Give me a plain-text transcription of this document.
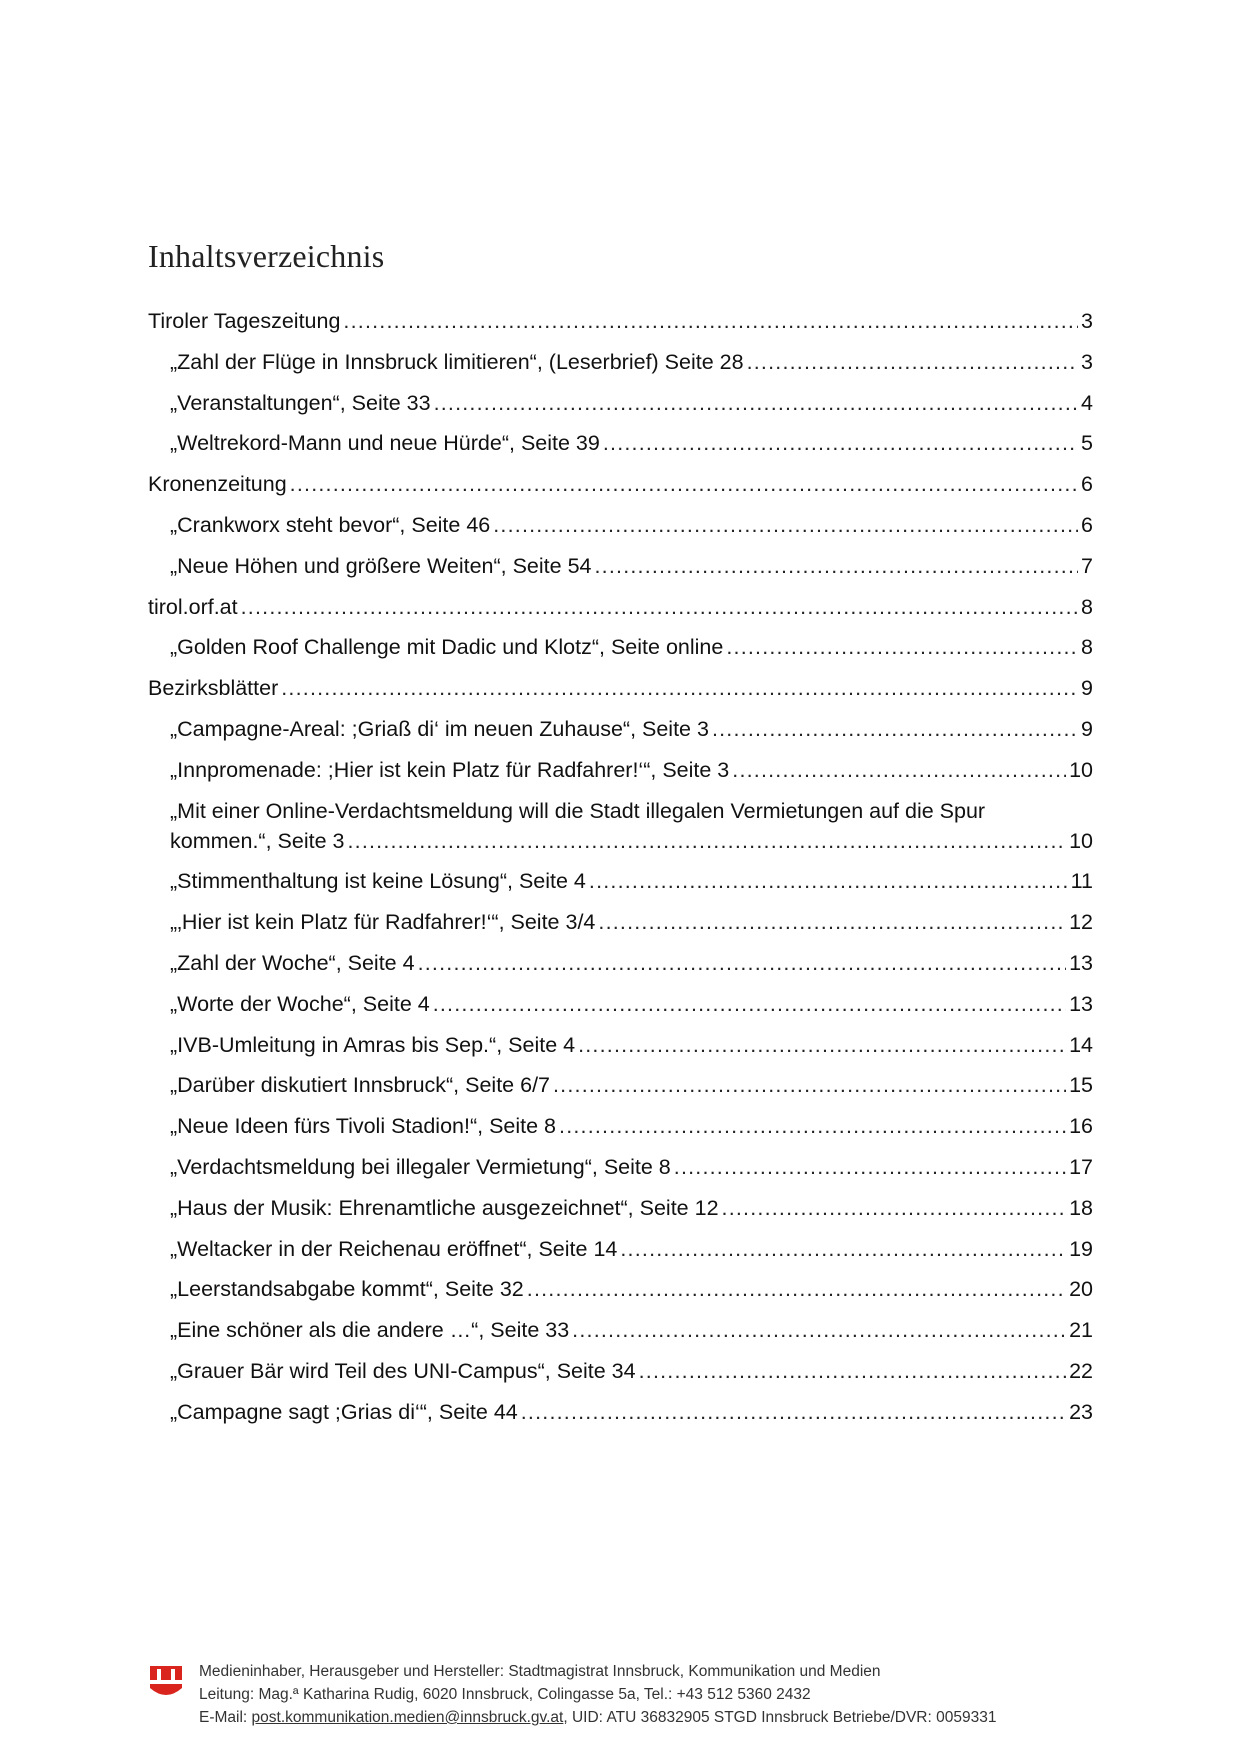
Inhaltsverzeichnis
Tiroler Tageszeitung .....	3
„Zahl der Flüge in Innsbruck limitieren“, (Leserbrief) Seite 28 .....	3
„Veranstaltungen“, Seite 33 .....	4
„Weltrekord-Mann und neue Hürde“, Seite 39 .....	5
Kronenzeitung .....	6
„Crankworx steht bevor“, Seite 46 .....	6
„Neue Höhen und größere Weiten“, Seite 54 .....	7
tirol.orf.at .....	8
„Golden Roof Challenge mit Dadic und Klotz“, Seite online .....	8
Bezirksblätter .....	9
„Campagne-Areal: ;Griaß di‘ im neuen Zuhause“, Seite 3 .....	9
„Innpromenade: ;Hier ist kein Platz für Radfahrer!‘“, Seite 3 .....	10
„Mit einer Online-Verdachtsmeldung will die Stadt illegalen Vermietungen auf die Spur
kommen.“, Seite 3 .....	10
„Stimmenthaltung ist keine Lösung“, Seite 4 .....	11
„‚Hier ist kein Platz für Radfahrer!‘“, Seite 3/4 .....	12
„Zahl der Woche“, Seite 4 .....	13
„Worte der Woche“, Seite 4 .....	13
„IVB-Umleitung in Amras bis Sep.“, Seite 4 .....	14
„Darüber diskutiert Innsbruck“, Seite 6/7 .....	15
„Neue Ideen fürs Tivoli Stadion!“, Seite 8 .....	16
„Verdachtsmeldung bei illegaler Vermietung“, Seite 8 .....	17
„Haus der Musik: Ehrenamtliche ausgezeichnet“, Seite 12 .....	18
„Weltacker in der Reichenau eröffnet“, Seite 14 .....	19
„Leerstandsabgabe kommt“, Seite 32 .....	20
„Eine schöner als die andere …“, Seite 33 .....	21
„Grauer Bär wird Teil des UNI-Campus“, Seite 34 .....	22
„Campagne sagt ;Grias di‘“, Seite 44 .....	23
Medieninhaber, Herausgeber und Hersteller: Stadtmagistrat Innsbruck, Kommunikation und Medien
Leitung: Mag.ª Katharina Rudig, 6020 Innsbruck, Colingasse 5a, Tel.: +43 512 5360 2432
E-Mail: post.kommunikation.medien@innsbruck.gv.at, UID: ATU 36832905 STGD Innsbruck Betriebe/DVR: 0059331
